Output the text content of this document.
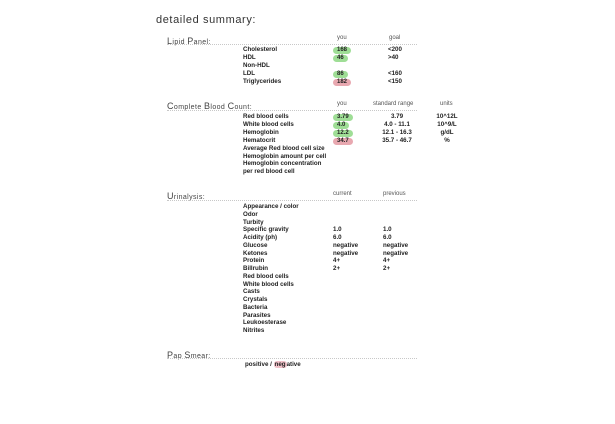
detailed summary:
Lipid Panel:
you	goal
Cholesterol	168	<200
HDL	46	>40
Non-HDL
LDL	86	<160
Triglycerides	182	<150
Complete Blood Count:	you	standard range	units
Red blood cells	3.79	3.79	10^12L
White blood cells	4.0	4.0 - 11.1	10^9/L
Hemoglobin	12.2	12.1 - 16.3	g/dL
Hematocrit	34.7	35.7 - 46.7	%
Average Red blood cell size
Hemoglobin amount per cell
Hemoglobin concentration
per red blood cell
Urinalysis:	current	previous
Appearance / color
Odor
Turbity
Specific gravity	1.0	1.0
Acidity (ph)	6.0	6.0
Glucose	negative	negative
Ketones	negative	negative
Protein	4+	4+
Billrubin	2+	2+
Red blood cells
White blood cells
Casts
Crystals
Bacteria
Parasites
Leukoesterase
Nitrites
Pap Smear:
positive / negative
